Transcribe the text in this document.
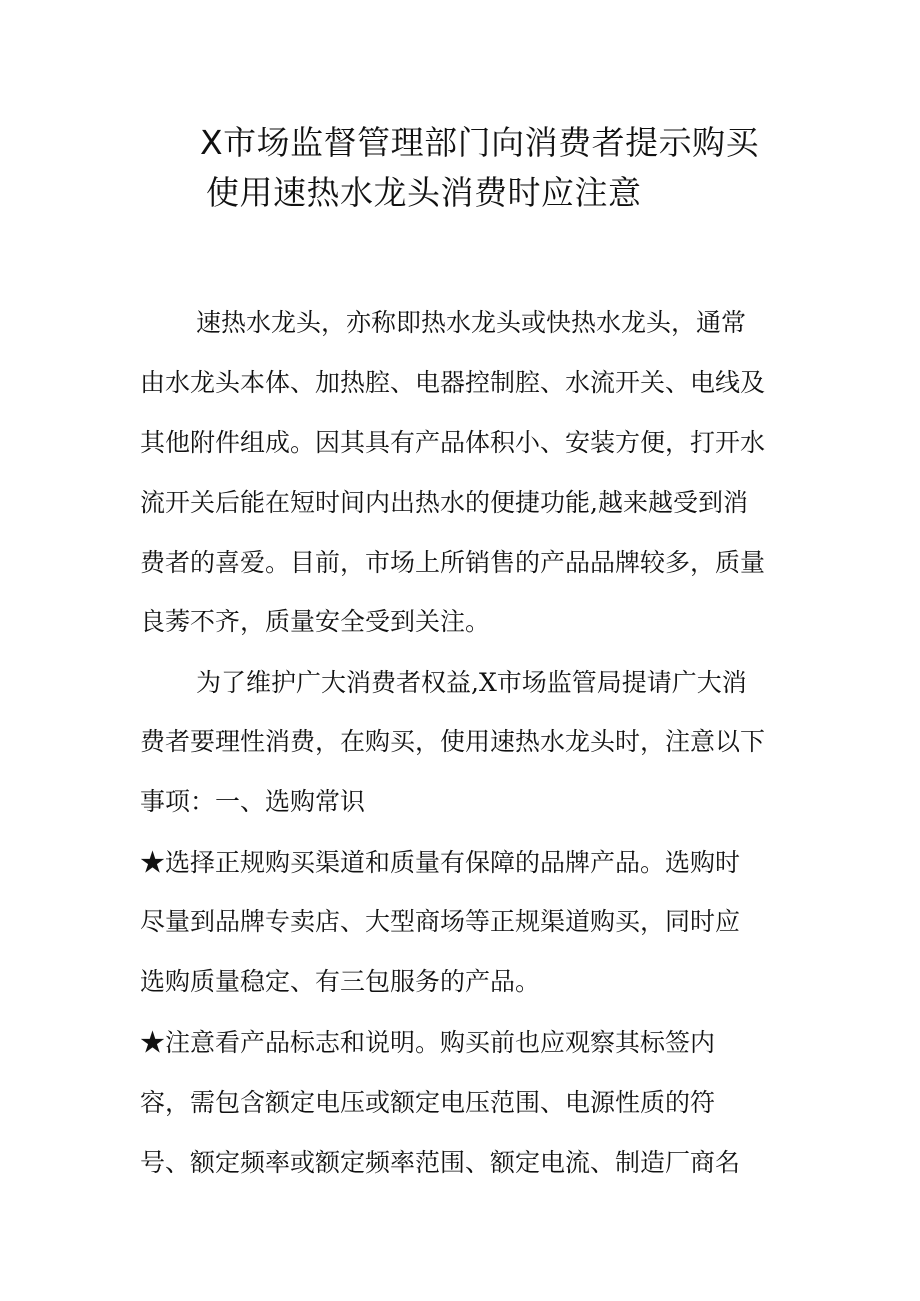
X市场监督管理部门向消费者提示购买
使用速热水龙头消费时应注意
速热水龙头，亦称即热水龙头或快热水龙头，通常
由水龙头本体、加热腔、电器控制腔、水流开关、电线及
其他附件组成。因其具有产品体积小、安装方便，打开水
流开关后能在短时间内出热水的便捷功能,越来越受到消
费者的喜爱。目前，市场上所销售的产品品牌较多，质量
良莠不齐，质量安全受到关注。
为了维护广大消费者权益,X市场监管局提请广大消
费者要理性消费，在购买，使用速热水龙头时，注意以下
事项：一、选购常识
★选择正规购买渠道和质量有保障的品牌产品。选购时
尽量到品牌专卖店、大型商场等正规渠道购买，同时应
选购质量稳定、有三包服务的产品。
★注意看产品标志和说明。购买前也应观察其标签内
容，需包含额定电压或额定电压范围、电源性质的符
号、额定频率或额定频率范围、额定电流、制造厂商名
